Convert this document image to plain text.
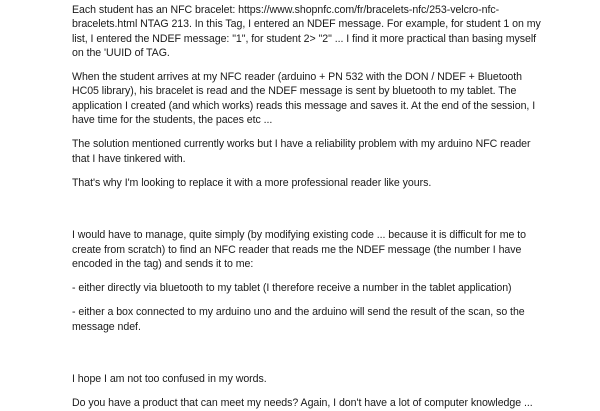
Each student has an NFC bracelet: https://www.shopnfc.com/fr/bracelets-nfc/253-velcro-nfc-
bracelets.html NTAG 213. In this Tag, I entered an NDEF message. For example, for student 1 on my
list, I entered the NDEF message: "1", for student 2> "2" ... I find it more practical than basing myself
on the 'UUID of TAG.
When the student arrives at my NFC reader (arduino + PN 532 with the DON / NDEF + Bluetooth
HC05 library), his bracelet is read and the NDEF message is sent by bluetooth to my tablet. The
application I created (and which works) reads this message and saves it. At the end of the session, I
have time for the students, the paces etc ...
The solution mentioned currently works but I have a reliability problem with my arduino NFC reader
that I have tinkered with.
That's why I'm looking to replace it with a more professional reader like yours.
I would have to manage, quite simply (by modifying existing code ... because it is difficult for me to
create from scratch) to find an NFC reader that reads me the NDEF message (the number I have
encoded in the tag) and sends it to me:
- either directly via bluetooth to my tablet (I therefore receive a number in the tablet application)
- either a box connected to my arduino uno and the arduino will send the result of the scan, so the
message ndef.
I hope I am not too confused in my words.
Do you have a product that can meet my needs? Again, I don't have a lot of computer knowledge ...
